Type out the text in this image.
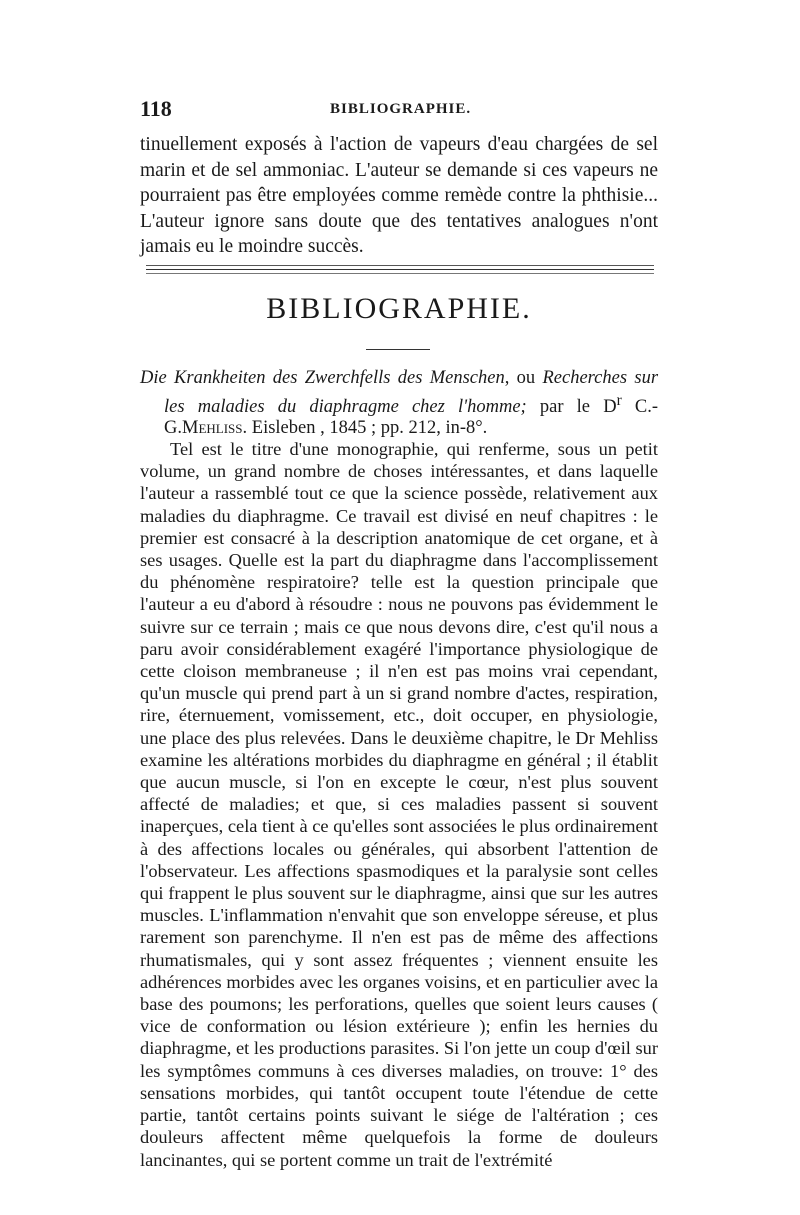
118	BIBLIOGRAPHIE.

tinuellement exposés à l'action de vapeurs d'eau chargées de sel marin et de sel ammoniac. L'auteur se demande si ces vapeurs ne pourraient pas être employées comme remède contre la phthisie... L'auteur ignore sans doute que des tentatives analogues n'ont jamais eu le moindre succès.

BIBLIOGRAPHIE.

Die Krankheiten des Zwerchfells des Menschen, ou Recherches sur les maladies du diaphragme chez l'homme; par le $D^r$ C.-G.Mehliss. Eisleben , 1845 ; pp. 212, in-8°.

Tel est le titre d'une monographie, qui renferme, sous un petit volume, un grand nombre de choses intéressantes, et dans laquelle l'auteur a rassemblé tout ce que la science possède, relativement aux maladies du diaphragme. Ce travail est divisé en neuf chapitres : le premier est consacré à la description anatomique de cet organe, et à ses usages. Quelle est la part du diaphragme dans l'accomplissement du phénomène respiratoire? telle est la question principale que l'auteur a eu d'abord à résoudre : nous ne pouvons pas évidemment le suivre sur ce terrain ; mais ce que nous devons dire, c'est qu'il nous a paru avoir considérablement exagéré l'importance physiologique de cette cloison membraneuse ; il n'en est pas moins vrai cependant, qu'un muscle qui prend part à un si grand nombre d'actes, respiration, rire, éternuement, vomissement, etc., doit occuper, en physiologie, une place des plus relevées. Dans le deuxième chapitre, le Dr Mehliss examine les altérations morbides du diaphragme en général ; il établit que aucun muscle, si l'on en excepte le cœur, n'est plus souvent affecté de maladies; et que, si ces maladies passent si souvent inaperçues, cela tient à ce qu'elles sont associées le plus ordinairement à des affections locales ou générales, qui absorbent l'attention de l'observateur. Les affections spasmodiques et la paralysie sont celles qui frappent le plus souvent sur le diaphragme, ainsi que sur les autres muscles. L'inflammation n'envahit que son enveloppe séreuse, et plus rarement son parenchyme. Il n'en est pas de même des affections rhumatismales, qui y sont assez fréquentes ; viennent ensuite les adhérences morbides avec les organes voisins, et en particulier avec la base des poumons; les perforations, quelles que soient leurs causes ( vice de conformation ou lésion extérieure ); enfin les hernies du diaphragme, et les productions parasites. Si l'on jette un coup d'œil sur les symptômes communs à ces diverses maladies, on trouve: 1° des sensations morbides, qui tantôt occupent toute l'étendue de cette partie, tantôt certains points suivant le siége de l'altération ; ces douleurs affectent même quelquefois la forme de douleurs lancinantes, qui se portent comme un trait de l'extrémité
